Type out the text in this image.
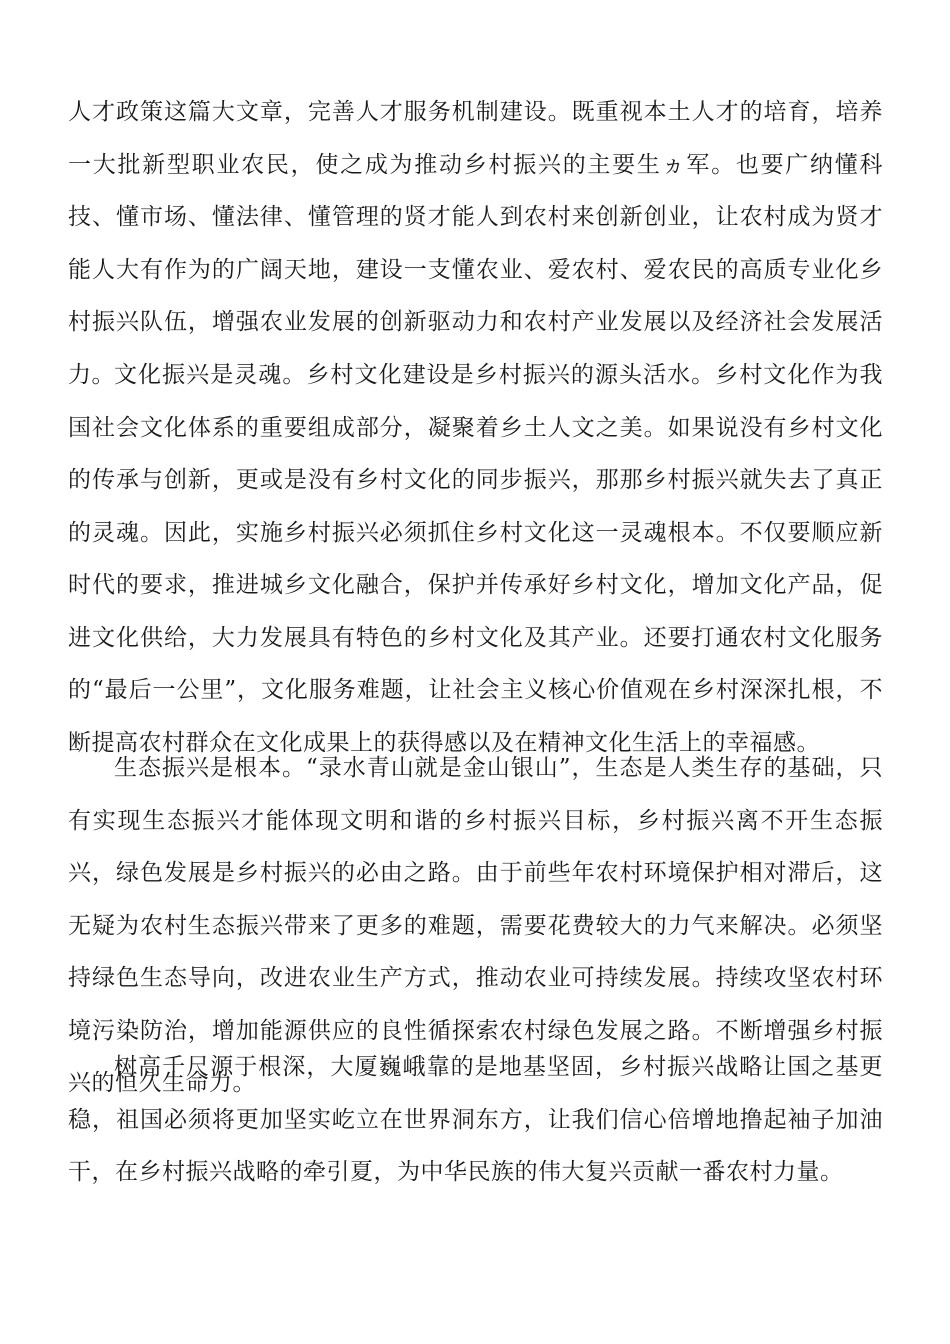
人才政策这篇大文章，完善人才服务机制建设。既重视本土人才的培育，培养一大批新型职业农民，使之成为推动乡村振兴的主要生ヵ军。也要广纳懂科技、懂市场、懂法律、懂管理的贤才能人到农村来创新创业，让农村成为贤才能人大有作为的广阔天地，建设一支懂农业、爱农村、爱农民的高质专业化乡村振兴队伍，增强农业发展的创新驱动力和农村产业发展以及经济社会发展活力。 文化振兴是灵魂。乡村文化建设是乡村振兴的源头活水。乡村文化作为我国社会文化体系的重要组成部分，凝聚着乡土人文之美。如果说没有乡村文化的传承与创新，更或是没有乡村文化的同步振兴，那那乡村振兴就失去了真正的灵魂。因此，实施乡村振兴必须抓住乡村文化这一灵魂根本。不仅要顺应新时代的要求，推进城乡文化融合，保护并传承好乡村文化，增加文化产品，促进文化供给，大力发展具有特色的乡村文化及其产业。还要打通农村文化服务的“最后一公里”，文化服务难题，让社会主义核心价值观在乡村深深扎根，不断提高农村群众在文化成果上的获得感以及在精神文化生活上的幸福感。

生态振兴是根本。“录水青山就是金山银山”，生态是人类生存的基础，只有实现生态振兴才能体现文明和谐的乡村振兴目标，乡村振兴离不开生态振兴，绿色发展是乡村振兴的必由之路。由于前些年农村环境保护相对滞后，这无疑为农村生态振兴带来了更多的难题，需要花费较大的力气来解决。必须坚持绿色生态导向，改进农业生产方式，推动农业可持续发展。持续攻坚农村环境污染防治，增加能源供应的良性循探索农村绿色发展之路。不断增强乡村振兴的恒久生命力。

树高千尺源于根深，大厦巍峨靠的是地基坚固，乡村振兴战略让国之基更稳，祖国必须将更加坚实屹立在世界洞东方，让我们信心倍增地撸起袖子加油干，在乡村振兴战略的牵引夏，为中华民族的伟大复兴贡献一番农村力量。
